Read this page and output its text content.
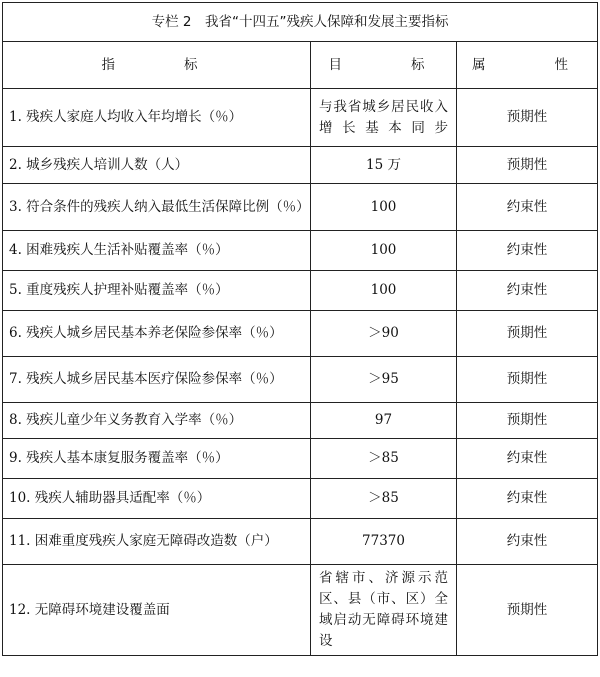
专栏 2　我省“十四五”残疾人保障和发展主要指标		
指　　标	目　　标	属　　性
1. 残疾人家庭人均收入年均增长（％）	与我省城乡居民收入增长基本同步	预期性
2. 城乡残疾人培训人数（人）	15 万	预期性
3. 符合条件的残疾人纳入最低生活保障比例（％）	100	约束性
4. 困难残疾人生活补贴覆盖率（％）	100	约束性
5. 重度残疾人护理补贴覆盖率（％）	100	约束性
6. 残疾人城乡居民基本养老保险参保率（％）	＞90	预期性
7. 残疾人城乡居民基本医疗保险参保率（％）	＞95	预期性
8. 残疾儿童少年义务教育入学率（％）	97	预期性
9. 残疾人基本康复服务覆盖率（％）	＞85	约束性
10. 残疾人辅助器具适配率（％）	＞85	约束性
11. 困难重度残疾人家庭无障碍改造数（户）	77370	约束性
12. 无障碍环境建设覆盖面	省辖市、济源示范区、县（市、区）全域启动无障碍环境建设	预期性
